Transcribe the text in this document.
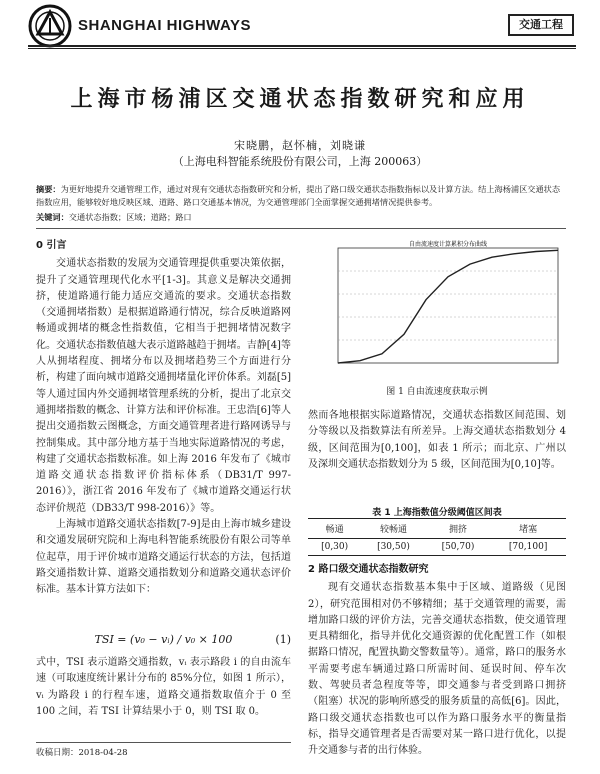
SHANGHAI HIGHWAYS	交通工程
上海市杨浦区交通状态指数研究和应用
宋晓鹏，赵怀楠，刘晓谦
（上海电科智能系统股份有限公司，上海 200063）
摘要：为更好地提升交通管理工作，通过对现有交通状态指数研究和分析，提出了路口级交通状态指数指标以及计算方法。结上海杨浦区交通状态指数应用，能够较好地反映区域、道路、路口交通基本情况，为交通管理部门全面掌握交通拥堵情况提供参考。
关键词：交通状态指数；区域；道路；路口
0 引言
交通状态指数的发展为交通管理提供重要决策依据，提升了交通管理现代化水平[1-3]。其意义是解决交通拥挤，使道路通行能力适应交通流的要求。交通状态指数（交通拥堵指数）是根据道路通行情况，综合反映道路网畅通或拥堵的概念性指数值，它相当于把拥堵情况数字化。交通状态指数值越大表示道路越趋于拥堵。吉静[4]等人从拥堵程度、拥堵分布以及拥堵趋势三个方面进行分析，构建了面向城市道路交通拥堵量化评价体系。刘磊[5]等人通过国内外交通拥堵管理系统的分析，提出了北京交通拥堵指数的概念、计算方法和评价标准。王忠浩[6]等人提出交通指数云图概念，方面交通管理者进行路网诱导与控制集成。其中部分地方基于当地实际道路情况的考虑，构建了交通状态指数标准。如上海 2016 年发布了《城市道路交通状态指数评价指标体系（DB31/T 997-2016）》，浙江省 2016 年发布了《城市道路交通运行状态评价规范（DB33/T 998-2016）》等。
上海城市道路交通状态指数[7-9]是由上海市城乡建设和交通发展研究院和上海电科智能系统股份有限公司等单位起草，用于评价城市道路交通运行状态的方法，包括道路交通指数计算、道路交通指数划分和道路交通状态评价标准。基本计算方法如下：
TSI = (v₀ − vᵢ) / v₀ × 100	(1)
式中，TSI 表示道路交通指数，vᵢ 表示路段 i 的自由流车速（可取速度统计累计分布的 85%分位，如图 1 所示），vᵢ 为路段 i 的行程车速，道路交通指数取值介于 0 至 100 之间，若 TSI 计算结果小于 0，则 TSI 取 0。
收稿日期：2018-04-28
自由流速度计算累积分布曲线
图 1 自由流速度获取示例
然而各地根据实际道路情况，交通状态指数区间范围、划分等级以及指数算法有所差异。上海交通状态指数划分 4 级，区间范围为[0,100]，如表 1 所示；而北京、广州以及深圳交通状态指数划分为 5 级，区间范围为[0,10]等。
表 1 上海指数值分级阈值区间表
畅通	较畅通	拥挤	堵塞
[0,30)	[30,50)	[50,70)	[70,100]
2 路口级交通状态指数研究
现有交通状态指数基本集中于区域、道路级（见图 2），研究范围相对仍不够精细；基于交通管理的需要，需增加路口级的评价方法，完善交通状态指数，使交通管理更具精细化，指导并优化交通资源的优化配置工作（如根据路口情况，配置执勤交警数量等）。通常，路口的服务水平需要考虑车辆通过路口所需时间、延误时间、停车次数、驾驶员者急程度等等，即交通参与者受到路口拥挤（阻塞）状况的影响所感受的服务质量的高低[6]。因此，路口级交通状态指数也可以作为路口服务水平的衡量指标，指导交通管理者是否需要对某一路口进行优化，以提升交通参与者的出行体验。
